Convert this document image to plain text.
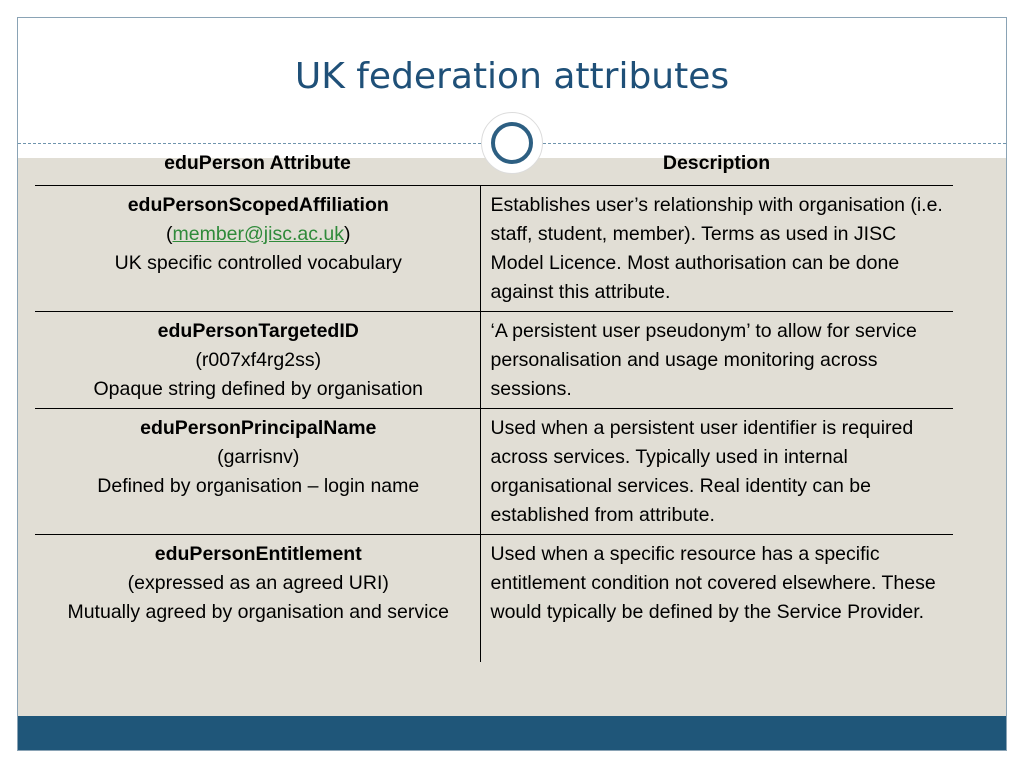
UK federation attributes
eduPerson Attribute	Description

eduPersonScopedAffiliation
(member@jisc.ac.uk)
UK specific controlled vocabulary	Establishes user’s relationship with organisation (i.e. staff, student, member). Terms as used in JISC Model Licence. Most authorisation can be done against this attribute.

eduPersonTargetedID
(r007xf4rg2ss)
Opaque string defined by organisation	‘A persistent user pseudonym’ to allow for service personalisation and usage monitoring across sessions.

eduPersonPrincipalName
(garrisnv)
Defined by organisation – login name	Used when a persistent user identifier is required across services. Typically used in internal organisational services. Real identity can be established from attribute.

eduPersonEntitlement
(expressed as an agreed URI)
Mutually agreed by organisation and service	Used when a specific resource has a specific entitlement condition not covered elsewhere. These would typically be defined by the Service Provider.
